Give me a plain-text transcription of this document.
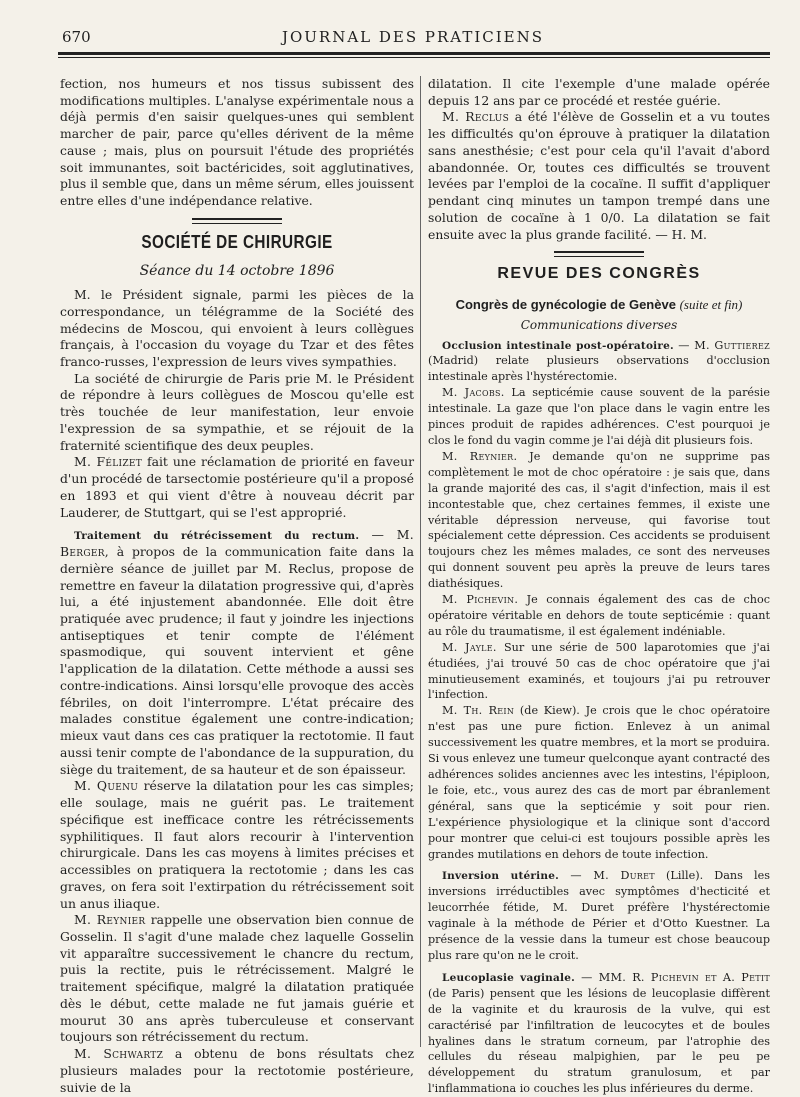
670	JOURNAL DES PRATICIENS

fection, nos humeurs et nos tissus subissent des modifications multiples. L'analyse expérimentale nous a déjà permis d'en saisir quelques-unes qui semblent marcher de pair, parce qu'elles dérivent de la même cause ; mais, plus on poursuit l'étude des propriétés soit immunantes, soit bactéricides, soit agglutinatives, plus il semble que, dans un même sérum, elles jouissent entre elles d'une indépendance relative.

SOCIÉTÉ DE CHIRURGIE
Séance du 14 octobre 1896

M. le Président signale, parmi les pièces de la correspondance, un télégramme de la Société des médecins de Moscou, qui envoient à leurs collègues français, à l'occasion du voyage du Tzar et des fêtes franco-russes, l'expression de leurs vives sympathies.

La société de chirurgie de Paris prie M. le Président de répondre à leurs collègues de Moscou qu'elle est très touchée de leur manifestation, leur envoie l'expression de sa sympathie, et se réjouit de la fraternité scientifique des deux peuples.

M. Félizet fait une réclamation de priorité en faveur d'un procédé de tarsectomie postérieure qu'il a proposé en 1893 et qui vient d'être à nouveau décrit par Lauderer, de Stuttgart, qui se l'est approprié.

Traitement du rétrécissement du rectum. — M. Berger, à propos de la communication faite dans la dernière séance de juillet par M. Reclus, propose de remettre en faveur la dilatation progressive qui, d'après lui, a été injustement abandonnée. Elle doit être pratiquée avec prudence; il faut y joindre les injections antiseptiques et tenir compte de l'élément spasmodique, qui souvent intervient et gêne l'application de la dilatation. Cette méthode a aussi ses contre-indications. Ainsi lorsqu'elle provoque des accès fébriles, on doit l'interrompre. L'état précaire des malades constitue également une contre-indication; mieux vaut dans ces cas pratiquer la rectotomie. Il faut aussi tenir compte de l'abondance de la suppuration, du siège du traitement, de sa hauteur et de son épaisseur.

M. Quenu réserve la dilatation pour les cas simples; elle soulage, mais ne guérit pas. Le traitement spécifique est inefficace contre les rétrécissements syphilitiques. Il faut alors recourir à l'intervention chirurgicale. Dans les cas moyens à limites précises et accessibles on pratiquera la rectotomie ; dans les cas graves, on fera soit l'extirpation du rétrécissement soit un anus iliaque.

M. Reynier rappelle une observation bien connue de Gosselin. Il s'agit d'une malade chez laquelle Gosselin vit apparaître successivement le chancre du rectum, puis la rectite, puis le rétrécissement. Malgré le traitement spécifique, malgré la dilatation pratiquée dès le début, cette malade ne fut jamais guérie et mourut 30 ans après tuberculeuse et conservant toujours son rétrécissement du rectum.

M. Schwartz a obtenu de bons résultats chez plusieurs malades pour la rectotomie postérieure, suivie de la

dilatation. Il cite l'exemple d'une malade opérée depuis 12 ans par ce procédé et restée guérie.

M. Reclus a été l'élève de Gosselin et a vu toutes les difficultés qu'on éprouve à pratiquer la dilatation sans anesthésie; c'est pour cela qu'il l'avait d'abord abandonnée. Or, toutes ces difficultés se trouvent levées par l'emploi de la cocaïne. Il suffit d'appliquer pendant cinq minutes un tampon trempé dans une solution de cocaïne à 1 0/0. La dilatation se fait ensuite avec la plus grande facilité. — H. M.

REVUE DES CONGRÈS
Congrès de gynécologie de Genève (suite et fin)
Communications diverses

Occlusion intestinale post-opératoire. — M. Guttierez (Madrid) relate plusieurs observations d'occlusion intestinale après l'hystérectomie.

M. Jacobs. La septicémie cause souvent de la parésie intestinale. La gaze que l'on place dans le vagin entre les pinces produit de rapides adhérences. C'est pourquoi je clos le fond du vagin comme je l'ai déjà dit plusieurs fois.

M. Reynier. Je demande qu'on ne supprime pas complètement le mot de choc opératoire : je sais que, dans la grande majorité des cas, il s'agit d'infection, mais il est incontestable que, chez certaines femmes, il existe une véritable dépression nerveuse, qui favorise tout spécialement cette dépression. Ces accidents se produisent toujours chez les mêmes malades, ce sont des nerveuses qui donnent souvent peu après la preuve de leurs tares diathésiques.

M. Pichevin. Je connais également des cas de choc opératoire véritable en dehors de toute septicémie : quant au rôle du traumatisme, il est également indéniable.

M. Jayle. Sur une série de 500 laparotomies que j'ai étudiées, j'ai trouvé 50 cas de choc opératoire que j'ai minutieusement examinés, et toujours j'ai pu retrouver l'infection.

M. Th. Rein (de Kiew). Je crois que le choc opératoire n'est pas une pure fiction. Enlevez à un animal successivement les quatre membres, et la mort se produira. Si vous enlevez une tumeur quelconque ayant contracté des adhérences solides anciennes avec les intestins, l'épiploon, le foie, etc., vous aurez des cas de mort par ébranlement général, sans que la septicémie y soit pour rien. L'expérience physiologique et la clinique sont d'accord pour montrer que celui-ci est toujours possible après les grandes mutilations en dehors de toute infection.

Inversion utérine. — M. Duret (Lille). Dans les inversions irréductibles avec symptômes d'hecticité et leucorrhée fétide, M. Duret préfère l'hystérectomie vaginale à la méthode de Périer et d'Otto Kuestner. La présence de la vessie dans la tumeur est chose beaucoup plus rare qu'on ne le croit.

Leucoplasie vaginale. — MM. R. Pichevin et A. Petit (de Paris) pensent que les lésions de leucoplasie diffèrent de la vaginite et du kraurosis de la vulve, qui est caractérisé par l'infiltration de leucocytes et de boules hyalines dans le stratum corneum, par l'atrophie des cellules du réseau malpighien, par le peu pe développement du stratum granulosum, et par l'inflammationa io couches les plus inférieures du derme.
